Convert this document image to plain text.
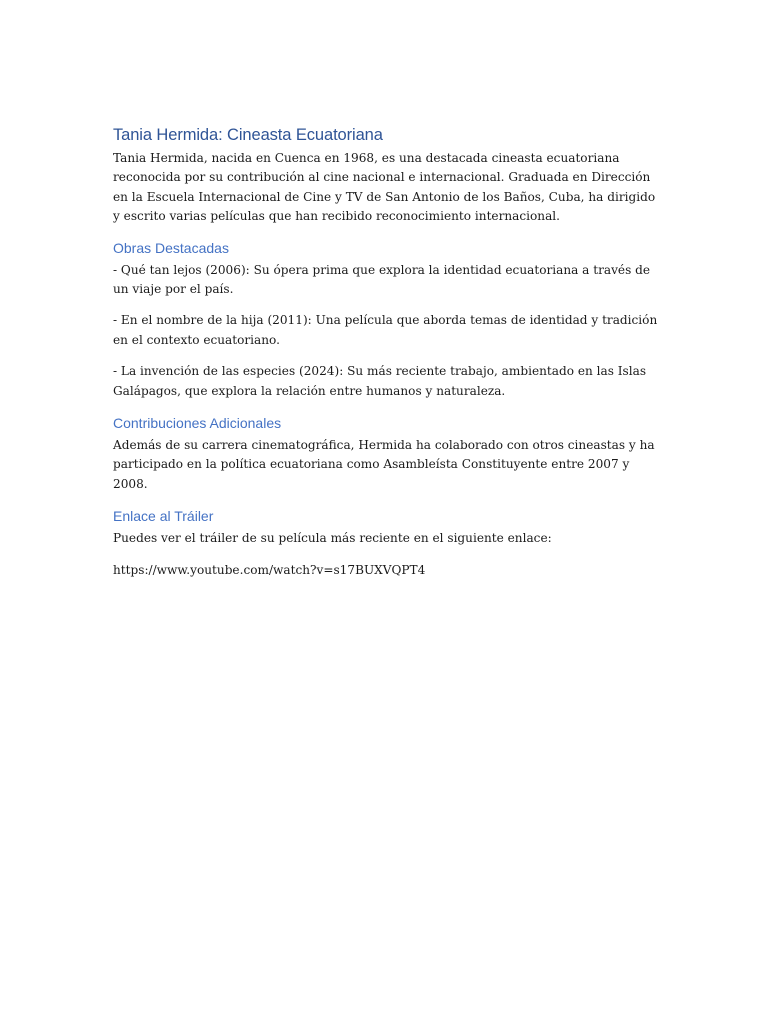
Tania Hermida: Cineasta Ecuatoriana

Tania Hermida, nacida en Cuenca en 1968, es una destacada cineasta ecuatoriana reconocida por su contribución al cine nacional e internacional. Graduada en Dirección en la Escuela Internacional de Cine y TV de San Antonio de los Baños, Cuba, ha dirigido y escrito varias películas que han recibido reconocimiento internacional.

Obras Destacadas

- Qué tan lejos (2006): Su ópera prima que explora la identidad ecuatoriana a través de un viaje por el país.

- En el nombre de la hija (2011): Una película que aborda temas de identidad y tradición en el contexto ecuatoriano.

- La invención de las especies (2024): Su más reciente trabajo, ambientado en las Islas Galápagos, que explora la relación entre humanos y naturaleza.

Contribuciones Adicionales

Además de su carrera cinematográfica, Hermida ha colaborado con otros cineastas y ha participado en la política ecuatoriana como Asambleísta Constituyente entre 2007 y 2008.

Enlace al Tráiler

Puedes ver el tráiler de su película más reciente en el siguiente enlace:

https://www.youtube.com/watch?v=s17BUXVQPT4
